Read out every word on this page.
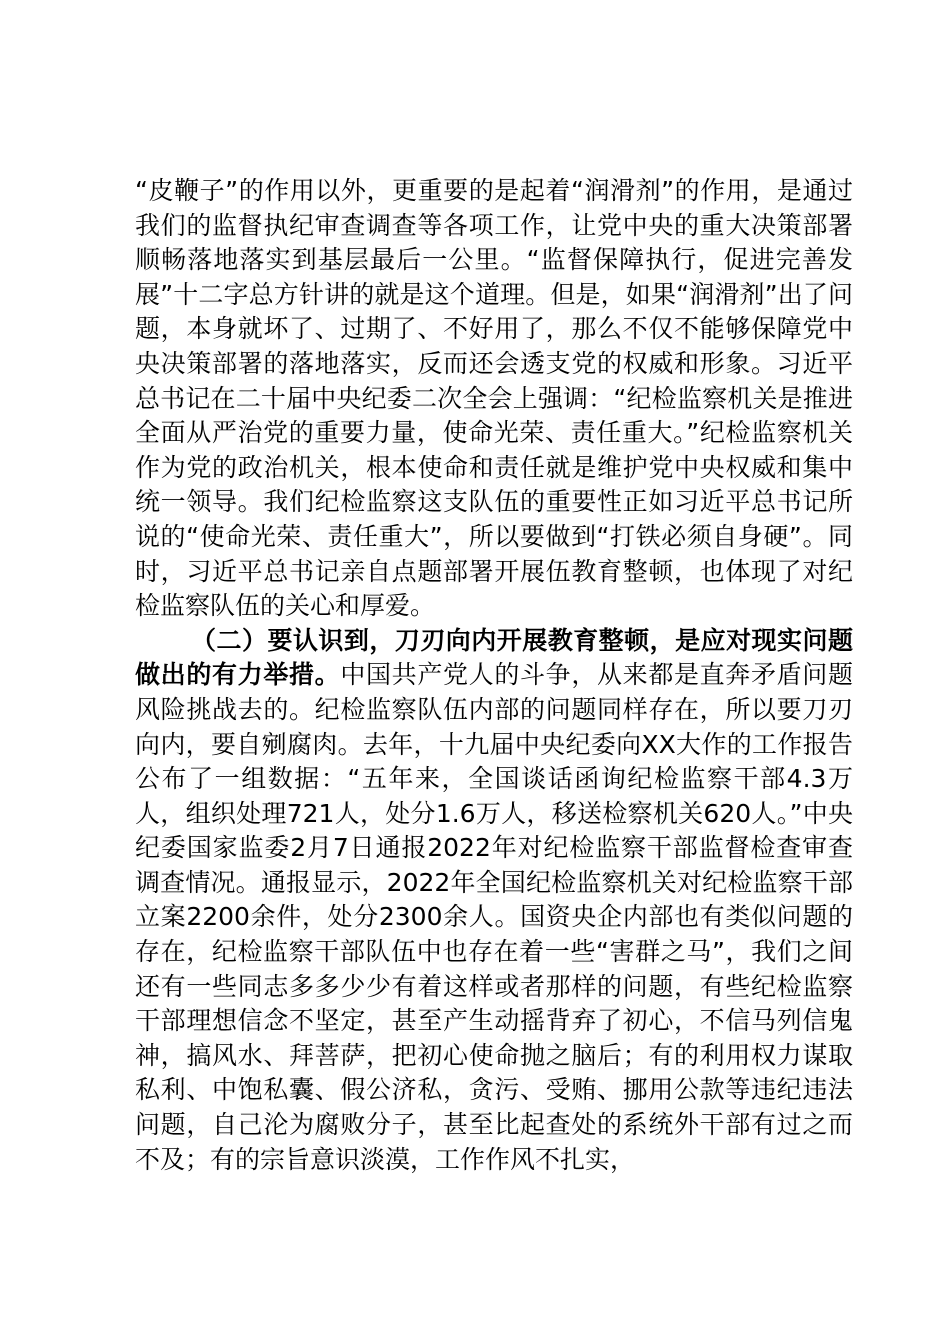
“皮鞭子”的作用以外，更重要的是起着“润滑剂”的作用，是通过我们的监督执纪审查调查等各项工作，让党中央的重大决策部署顺畅落地落实到基层最后一公里。“监督保障执行，促进完善发展”十二字总方针讲的就是这个道理。但是，如果“润滑剂”出了问题，本身就坏了、过期了、不好用了，那么不仅不能够保障党中央决策部署的落地落实，反而还会透支党的权威和形象。习近平总书记在二十届中央纪委二次全会上强调：“纪检监察机关是推进全面从严治党的重要力量，使命光荣、责任重大。”纪检监察机关作为党的政治机关，根本使命和责任就是维护党中央权威和集中统一领导。我们纪检监察这支队伍的重要性正如习近平总书记所说的“使命光荣、责任重大”，所以要做到“打铁必须自身硬”。同时，习近平总书记亲自点题部署开展伍教育整顿，也体现了对纪检监察队伍的关心和厚爱。

（二）要认识到，刀刃向内开展教育整顿，是应对现实问题做出的有力举措。中国共产党人的斗争，从来都是直奔矛盾问题风险挑战去的。纪检监察队伍内部的问题同样存在，所以要刀刃向内，要自剜腐肉。去年，十九届中央纪委向XX大作的工作报告公布了一组数据：“五年来，全国谈话函询纪检监察干部4.3万人，组织处理721人，处分1.6万人，移送检察机关620人。”中央纪委国家监委2月7日通报2022年对纪检监察干部监督检查审查调查情况。通报显示，2022年全国纪检监察机关对纪检监察干部立案2200余件，处分2300余人。国资央企内部也有类似问题的存在，纪检监察干部队伍中也存在着一些“害群之马”，我们之间还有一些同志多多少少有着这样或者那样的问题，有些纪检监察干部理想信念不坚定，甚至产生动摇背弃了初心，不信马列信鬼神，搞风水、拜菩萨，把初心使命抛之脑后；有的利用权力谋取私利、中饱私囊、假公济私，贪污、受贿、挪用公款等违纪违法问题，自己沦为腐败分子，甚至比起查处的系统外干部有过之而不及；有的宗旨意识淡漠，工作作风不扎实，
